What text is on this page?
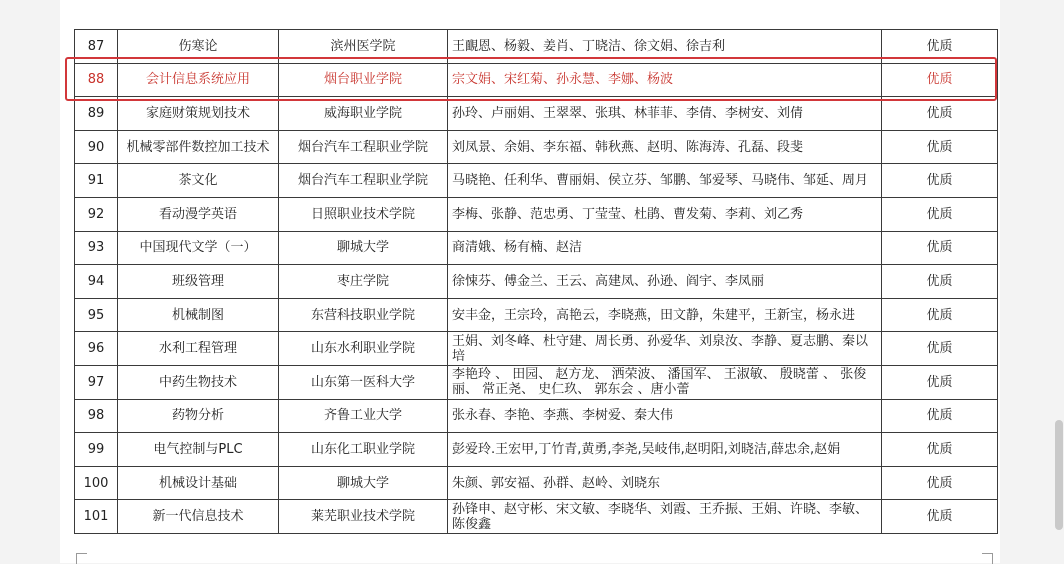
87	伤寒论	滨州医学院	王靦恩、杨毅、姜肖、丁晓洁、徐文娟、徐吉利	优质
88	会计信息系统应用	烟台职业学院	宗文娟、宋红菊、孙永慧、李娜、杨波	优质
89	家庭财策规划技术	威海职业学院	孙玲、卢丽娟、王翠翠、张琪、林菲菲、李倩、李树安、刘倩	优质
90	机械零部件数控加工技术	烟台汽车工程职业学院	刘凤景、余娟、李东福、韩秋燕、赵明、陈海涛、孔磊、段斐	优质
91	茶文化	烟台汽车工程职业学院	马晓艳、任利华、曹丽娟、侯立芬、邹鹏、邹爱琴、马晓伟、邹延、周月	优质
92	看动漫学英语	日照职业技术学院	李梅、张静、范忠勇、丁莹莹、杜鹃、曹发菊、李莉、刘乙秀	优质
93	中国现代文学（一）	聊城大学	商清娥、杨有楠、赵洁	优质
94	班级管理	枣庄学院	徐悚芬、傅金兰、王云、高建凤、孙逊、阎宇、李凤丽	优质
95	机械制图	东营科技职业学院	安丰金，王宗玲，高艳云，李晓燕，田文静，朱建平，王新宝，杨永进	优质
96	水利工程管理	山东水利职业学院	王娟、刘冬峰、杜守建、周长勇、孙爱华、刘泉汝、李静、夏志鹏、秦以培	优质
97	中药生物技术	山东第一医科大学	李艳玲 、 田园、 赵方龙、 洒荣波、 潘国军、 王淑敏、 殷晓蕾 、 张俊丽、 常正尧、 史仁玖、 郭东会 、唐小蕾	优质
98	药物分析	齐鲁工业大学	张永春、李艳、李燕、李树爱、秦大伟	优质
99	电气控制与PLC	山东化工职业学院	彭爱玲.王宏甲,丁竹青,黄勇,李尧,吴岐伟,赵明阳,刘晓洁,薛忠余,赵娟	优质
100	机械设计基础	聊城大学	朱颜、郭安福、孙群、赵岭、刘晓东	优质
101	新一代信息技术	莱芜职业技术学院	孙锋申、赵守彬、宋文敏、李晓华、刘霞、王乔振、王娟、许晓、李敏、陈俊鑫	优质
